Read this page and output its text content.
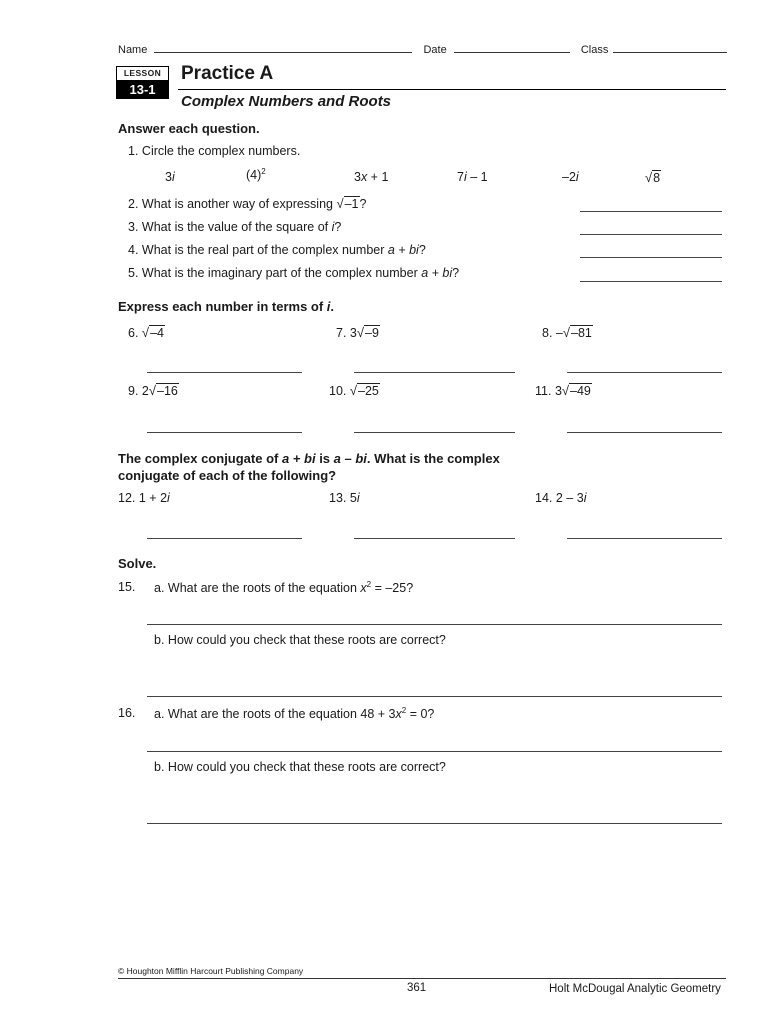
Name	Date	Class
LESSON
13-1
Practice A
Complex Numbers and Roots
Answer each question.
1. Circle the complex numbers.
3i	$(4)^2$	3x + 1	7i – 1	–2i	√8
2. What is another way of expressing √–1?
3. What is the value of the square of i?
4. What is the real part of the complex number a + bi?
5. What is the imaginary part of the complex number a + bi?
Express each number in terms of i.
6. √–4	7. 3√–9	8. –√–81
9. 2√–16	10. √–25	11. 3√–49
The complex conjugate of a + bi is a – bi. What is the complex
conjugate of each of the following?
12. 1 + 2i	13. 5i	14. 2 – 3i
Solve.
15. a. What are the roots of the equation $x^2 = -25$?
b. How could you check that these roots are correct?
16. a. What are the roots of the equation $48 + 3x^2 = 0$?
b. How could you check that these roots are correct?
© Houghton Mifflin Harcourt Publishing Company
361	Holt McDougal Analytic Geometry
